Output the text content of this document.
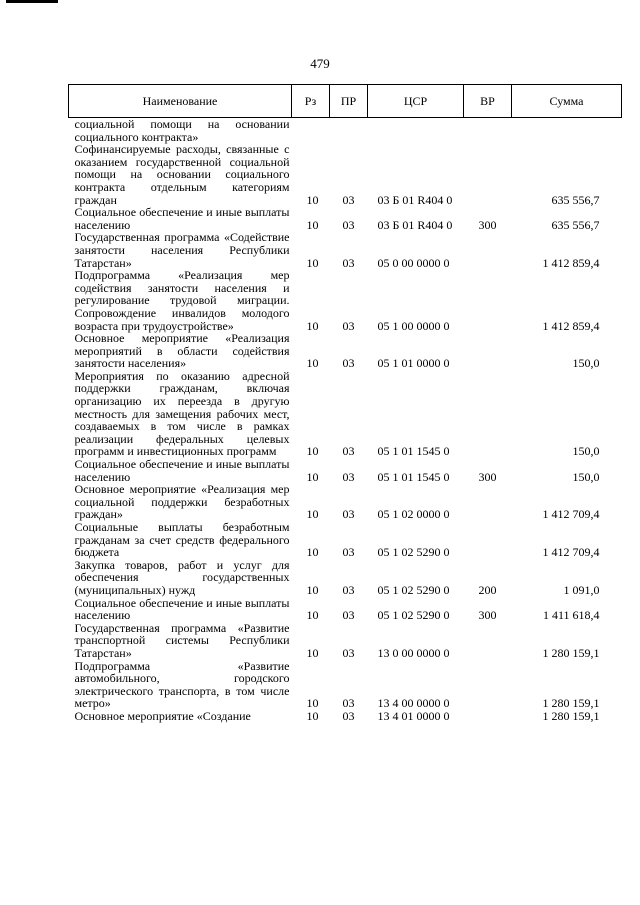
479
Наименование	Рз	ПР	ЦСР	ВР	Сумма
социальной помощи на основании социального контракта»					
Софинансируемые расходы, связанные с оказанием государственной социальной помощи на основании социального контракта отдельным категориям граждан	10	03	03 Б 01 R404 0		635 556,7
Социальное обеспечение и иные выплаты населению	10	03	03 Б 01 R404 0	300	635 556,7
Государственная программа «Содействие занятости населения Республики Татарстан»	10	03	05 0 00 0000 0		1 412 859,4
Подпрограмма «Реализация мер содействия занятости населения и регулирование трудовой миграции. Сопровождение инвалидов молодого возраста при трудоустройстве»	10	03	05 1 00 0000 0		1 412 859,4
Основное мероприятие «Реализация мероприятий в области содействия занятости населения»	10	03	05 1 01 0000 0		150,0
Мероприятия по оказанию адресной поддержки гражданам, включая организацию их переезда в другую местность для замещения рабочих мест, создаваемых в том числе в рамках реализации федеральных целевых программ и инвестиционных программ	10	03	05 1 01 1545 0		150,0
Социальное обеспечение и иные выплаты населению	10	03	05 1 01 1545 0	300	150,0
Основное мероприятие «Реализация мер социальной поддержки безработных граждан»	10	03	05 1 02 0000 0		1 412 709,4
Социальные выплаты безработным гражданам за счет средств федерального бюджета	10	03	05 1 02 5290 0		1 412 709,4
Закупка товаров, работ и услуг для обеспечения государственных (муниципальных) нужд	10	03	05 1 02 5290 0	200	1 091,0
Социальное обеспечение и иные выплаты населению	10	03	05 1 02 5290 0	300	1 411 618,4
Государственная программа «Развитие транспортной системы Республики Татарстан»	10	03	13 0 00 0000 0		1 280 159,1
Подпрограмма «Развитие автомобильного, городского электрического транспорта, в том числе метро»	10	03	13 4 00 0000 0		1 280 159,1
Основное мероприятие «Создание	10	03	13 4 01 0000 0		1 280 159,1
